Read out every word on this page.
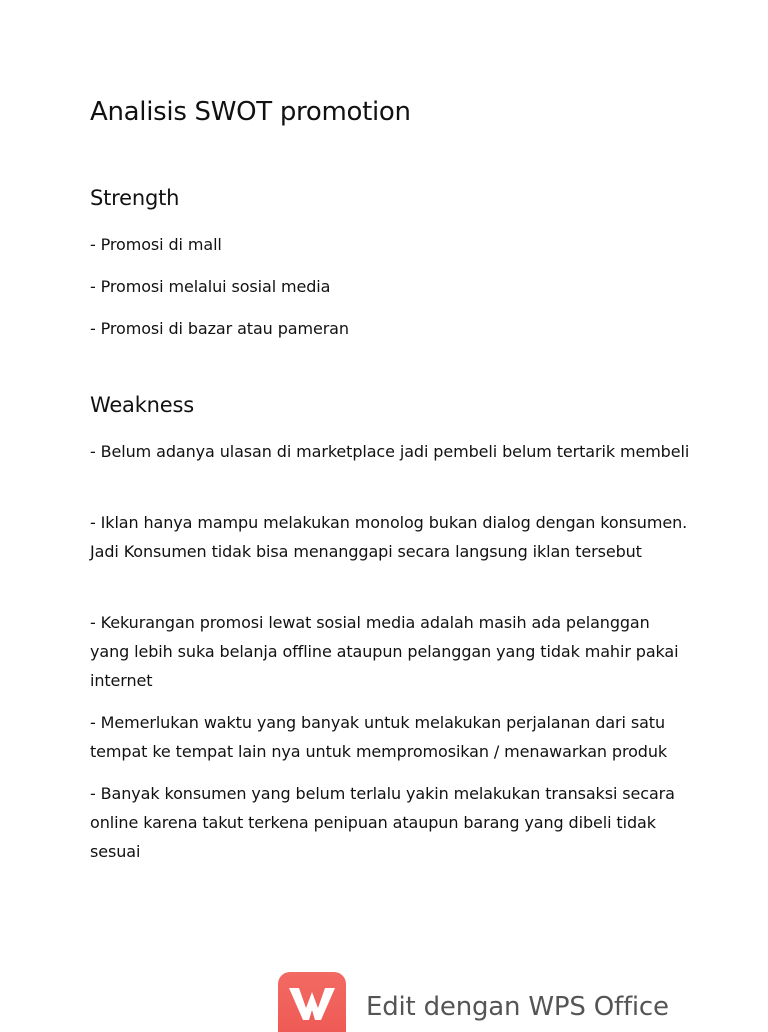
Analisis SWOT promotion
Strength

- Promosi di mall

- Promosi melalui sosial media

- Promosi di bazar atau pameran

Weakness

- Belum adanya ulasan di marketplace jadi pembeli belum tertarik membeli

- Iklan hanya mampu melakukan monolog bukan dialog dengan konsumen. Jadi Konsumen tidak bisa menanggapi secara langsung iklan tersebut

- Kekurangan promosi lewat sosial media adalah masih ada pelanggan yang lebih suka belanja offline ataupun pelanggan yang tidak mahir pakai internet

- Memerlukan waktu yang banyak untuk melakukan perjalanan dari satu tempat ke tempat lain nya untuk mempromosikan / menawarkan produk

- Banyak konsumen yang belum terlalu yakin melakukan transaksi secara online karena takut terkena penipuan ataupun barang yang dibeli tidak sesuai

Edit dengan WPS Office
